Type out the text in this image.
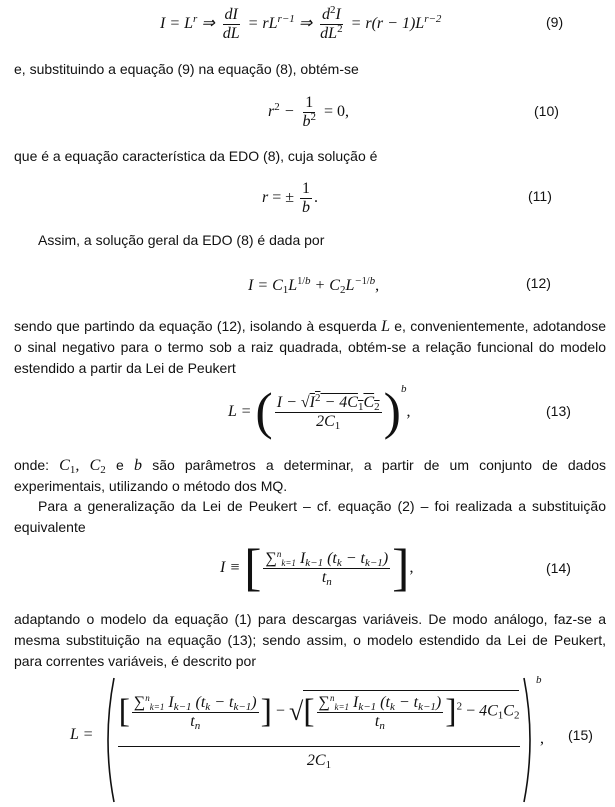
$I = L^r$ ⇒ $\frac{dI}{dL} = rL^{r-1}$ ⇒ $\frac{d^2I}{dL^2} = r(r - 1)L^{r-2}$	(9)
e, substituindo a equação (9) na equação (8), obtém-se
$r^2 - \frac{1}{b^2} = 0$,	(10)
que é a equação característica da EDO (8), cuja solução é
r = ± $\frac{1}{b}$ .	(11)
Assim, a solução geral da EDO (8) é dada por
$I = C_1L^{1/b} + C_2L^{-1/b}$,	(12)
sendo que partindo da equação (12), isolando à esquerda L e, convenientemente, adotandose o sinal negativo para o termo sob a raiz quadrada, obtém-se a relação funcional do modelo estendido a partir da Lei de Peukert
L = ( $\frac{I - √I^2 - 4C_1C_2}{2C_1} )^b$,	(13)
onde: $C_1$, $C_2$ e b são parâmetros a determinar, a partir de um conjunto de dados experimentais, utilizando o método dos MQ.
Para a generalização da Lei de Peukert – cf. equação (2) – foi realizada a substituição equivalente
I ≡ [ $\frac{\sum^n_{k=1} I_{k-1} (t_k - t_{k-1})}{t_n}$ ],	(14)
adaptando o modelo da equação (1) para descargas variáveis. De modo análogo, faz-se a mesma substituição na equação (13); sendo assim, o modelo estendido da Lei de Peukert, para correntes variáveis, é descrito por
L =
[ $\frac{\sum^n_{k=1} I_{k-1} (t_k - t_{k-1})}{t_n}$ ] − √[ $\frac{\sum^n_{k=1} I_{k-1} (t_k - t_{k-1})}{t_n} ]^2 - 4C_1C_2$
$2C_1$
b
, (15)
